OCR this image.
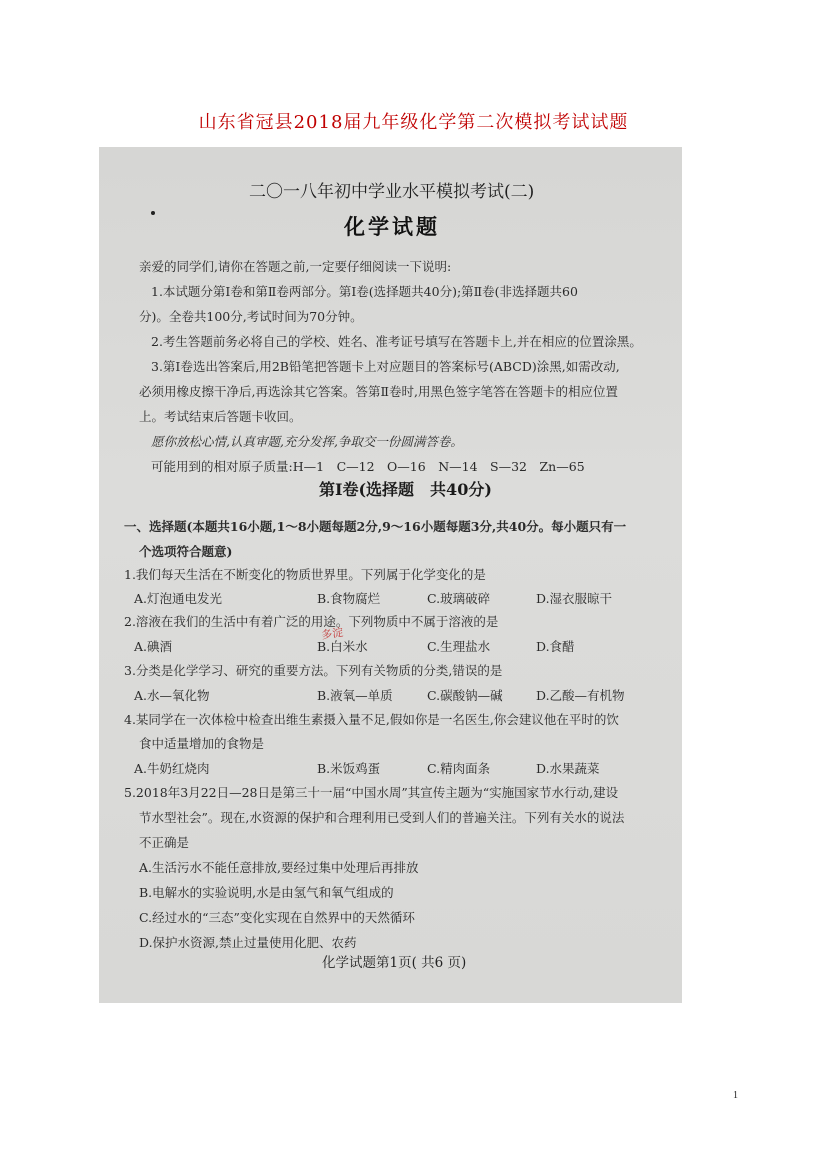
山东省冠县2018届九年级化学第二次模拟考试试题
二〇一八年初中学业水平模拟考试(二)
化学试题
亲爱的同学们,请你在答题之前,一定要仔细阅读一下说明:
1.本试题分第Ⅰ卷和第Ⅱ卷两部分。第Ⅰ卷(选择题共40分);第Ⅱ卷(非选择题共60
分)。全卷共100分,考试时间为70分钟。
2.考生答题前务必将自己的学校、姓名、准考证号填写在答题卡上,并在相应的位置涂黑。
3.第Ⅰ卷选出答案后,用2B铅笔把答题卡上对应题目的答案标号(ABCD)涂黑,如需改动,
必须用橡皮擦干净后,再选涂其它答案。答第Ⅱ卷时,用黑色签字笔答在答题卡的相应位置
上。考试结束后答题卡收回。
愿你放松心情,认真审题,充分发挥,争取交一份圆满答卷。
可能用到的相对原子质量:H—1　C—12　O—16　N—14　S—32　Zn—65
第Ⅰ卷(选择题　共40分)
一、选择题(本题共16小题,1～8小题每题2分,9～16小题每题3分,共40分。每小题只有一
个选项符合题意)
1.我们每天生活在不断变化的物质世界里。下列属于化学变化的是
A.灯泡通电发光	B.食物腐烂	C.玻璃破碎	D.湿衣服晾干
2.溶液在我们的生活中有着广泛的用途。下列物质中不属于溶液的是
A.碘酒	B.白米水	C.生理盐水	D.食醋
多淀
3.分类是化学学习、研究的重要方法。下列有关物质的分类,错误的是
A.水—氧化物	B.液氧—单质	C.碳酸钠—碱	D.乙酸—有机物
4.某同学在一次体检中检查出维生素摄入量不足,假如你是一名医生,你会建议他在平时的饮
食中适量增加的食物是
A.牛奶红烧肉	B.米饭鸡蛋	C.精肉面条	D.水果蔬菜
5.2018年3月22日—28日是第三十一届“中国水周”其宣传主题为“实施国家节水行动,建设
节水型社会”。现在,水资源的保护和合理利用已受到人们的普遍关注。下列有关水的说法
不正确是
A.生活污水不能任意排放,要经过集中处理后再排放
B.电解水的实验说明,水是由氢气和氧气组成的
C.经过水的“三态”变化实现在自然界中的天然循环
D.保护水资源,禁止过量使用化肥、农药
化学试题第1页( 共6 页)
1
